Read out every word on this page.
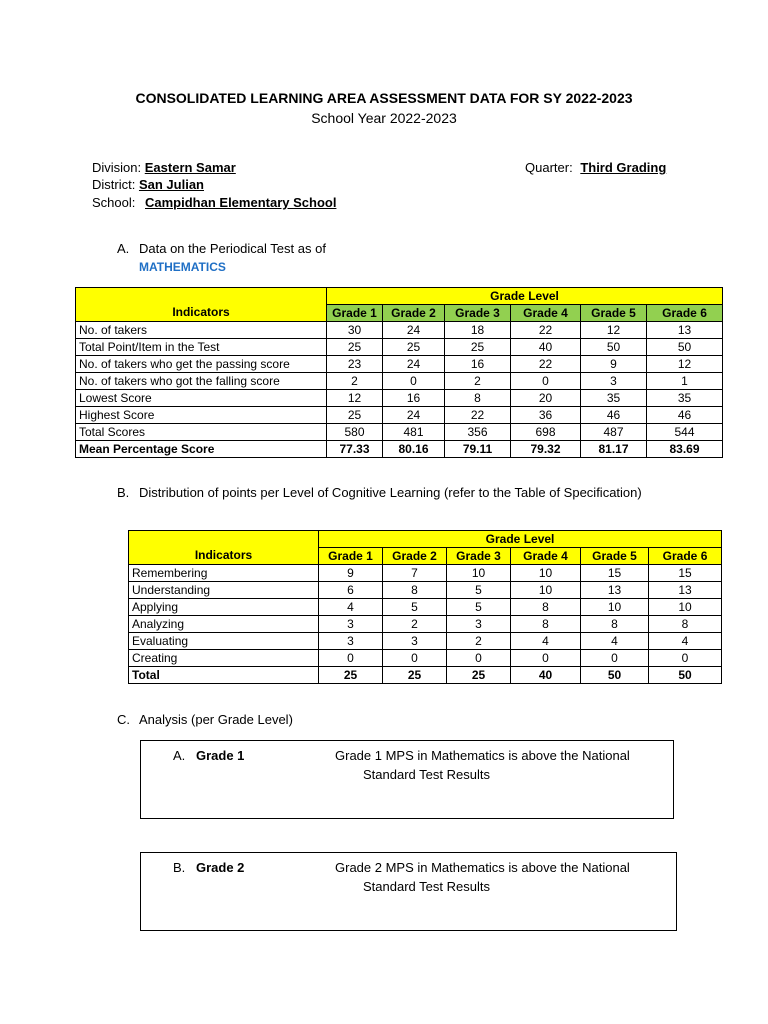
CONSOLIDATED LEARNING AREA ASSESSMENT DATA FOR SY 2022-2023
School Year 2022-2023
Division: Eastern Samar
District: San Julian
School: Campidhan Elementary School
Quarter: Third Grading
A. Data on the Periodical Test as of
MATHEMATICS
	Grade Level					
Indicators	Grade 1	Grade 2	Grade 3	Grade 4	Grade 5	Grade 6
No. of takers	30	24	18	22	12	13
Total Point/Item in the Test	25	25	25	40	50	50
No. of takers who get the passing score	23	24	16	22	9	12
No. of takers who got the falling score	2	0	2	0	3	1
Lowest Score	12	16	8	20	35	35
Highest Score	25	24	22	36	46	46
Total Scores	580	481	356	698	487	544
Mean Percentage Score	77.33	80.16	79.11	79.32	81.17	83.69
B. Distribution of points per Level of Cognitive Learning (refer to the Table of Specification)
	Grade Level					
Indicators	Grade 1	Grade 2	Grade 3	Grade 4	Grade 5	Grade 6
Remembering	9	7	10	10	15	15
Understanding	6	8	5	10	13	13
Applying	4	5	5	8	10	10
Analyzing	3	2	3	8	8	8
Evaluating	3	3	2	4	4	4
Creating	0	0	0	0	0	0
Total	25	25	25	40	50	50
C. Analysis (per Grade Level)
A. Grade 1	Grade 1 MPS in Mathematics is above the National
Standard Test Results
B. Grade 2	Grade 2 MPS in Mathematics is above the National
Standard Test Results
